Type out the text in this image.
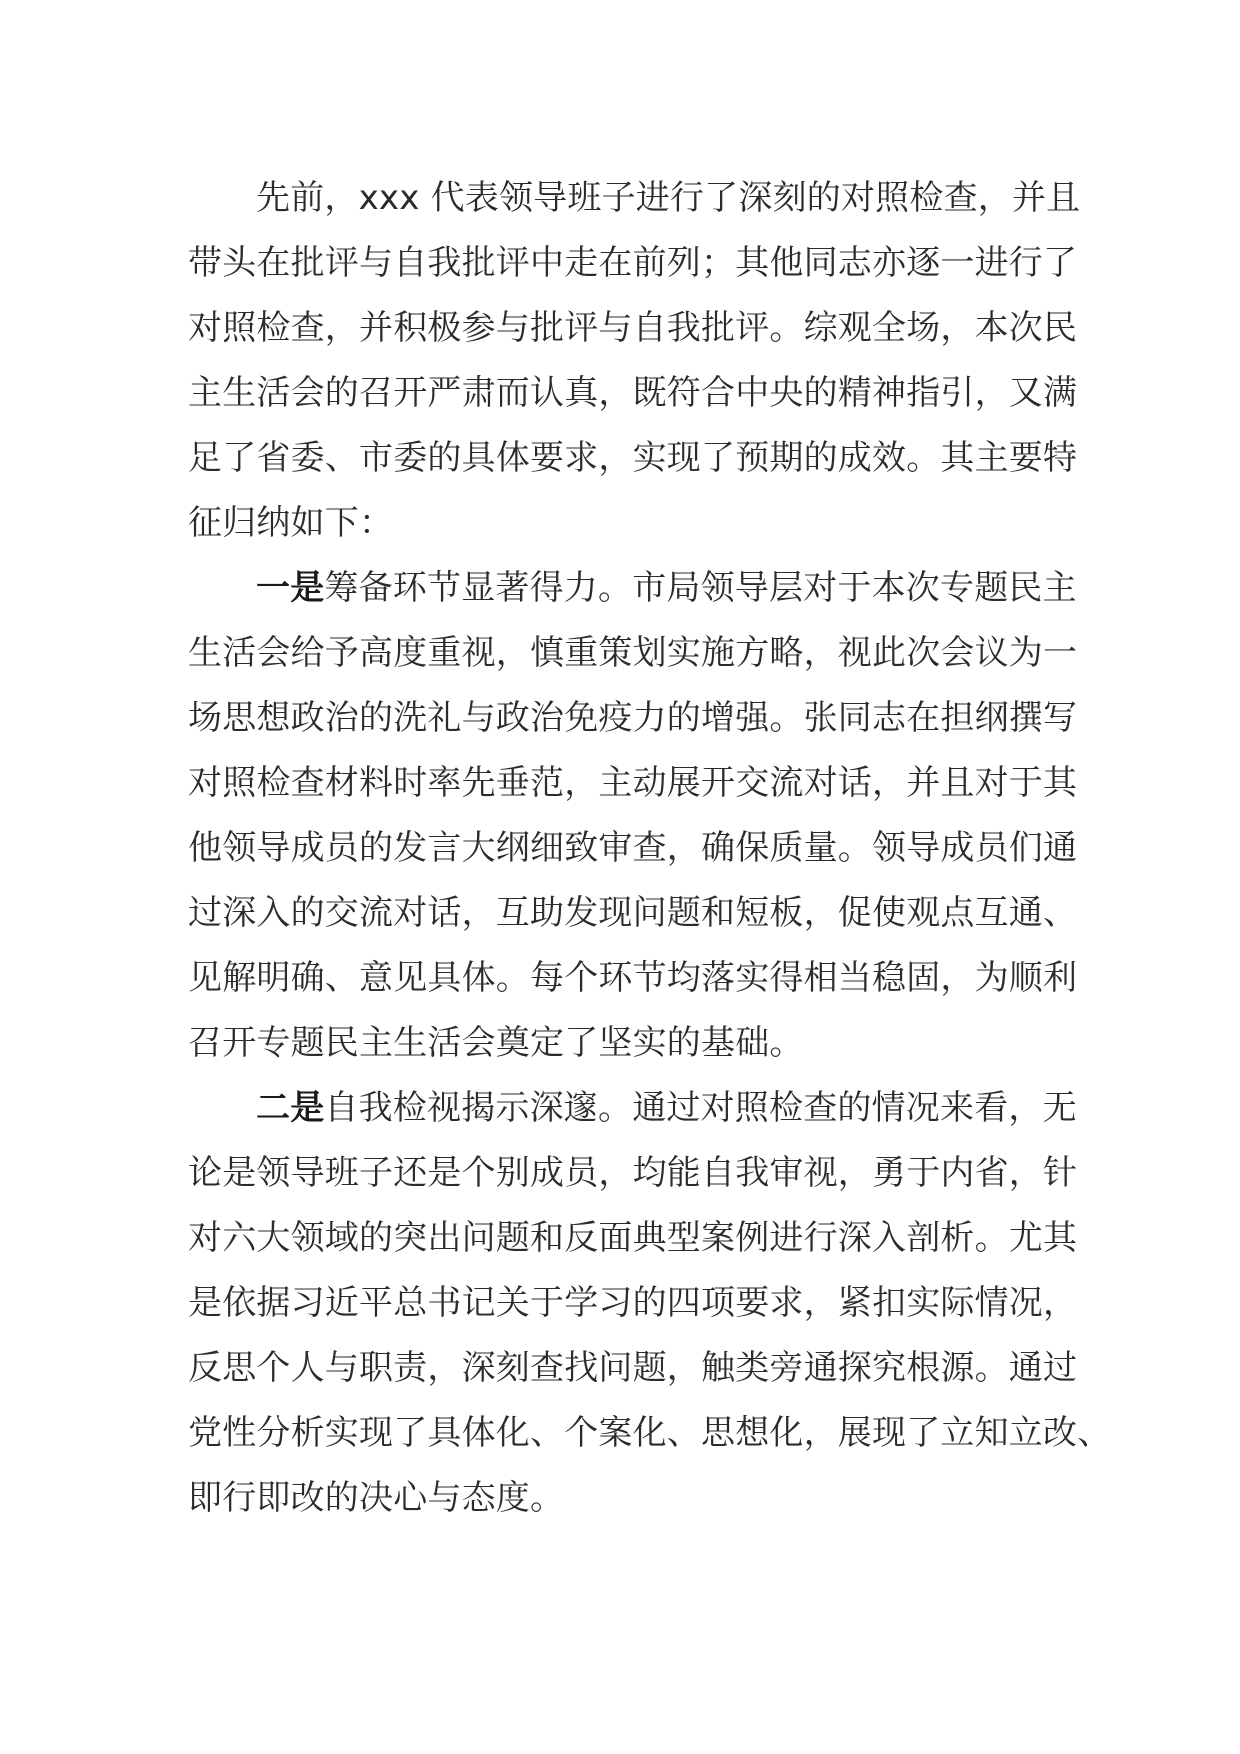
先前，xxx 代表领导班子进行了深刻的对照检查，并且
带头在批评与自我批评中走在前列；其他同志亦逐一进行了
对照检查，并积极参与批评与自我批评。综观全场，本次民
主生活会的召开严肃而认真，既符合中央的精神指引，又满
足了省委、市委的具体要求，实现了预期的成效。其主要特
征归纳如下：
一是筹备环节显著得力。市局领导层对于本次专题民主
生活会给予高度重视，慎重策划实施方略，视此次会议为一
场思想政治的洗礼与政治免疫力的增强。张同志在担纲撰写
对照检查材料时率先垂范，主动展开交流对话，并且对于其
他领导成员的发言大纲细致审查，确保质量。领导成员们通
过深入的交流对话，互助发现问题和短板，促使观点互通、
见解明确、意见具体。每个环节均落实得相当稳固，为顺利
召开专题民主生活会奠定了坚实的基础。
二是自我检视揭示深邃。通过对照检查的情况来看，无
论是领导班子还是个别成员，均能自我审视，勇于内省，针
对六大领域的突出问题和反面典型案例进行深入剖析。尤其
是依据习近平总书记关于学习的四项要求，紧扣实际情况，
反思个人与职责，深刻查找问题，触类旁通探究根源。通过
党性分析实现了具体化、个案化、思想化，展现了立知立改、
即行即改的决心与态度。
